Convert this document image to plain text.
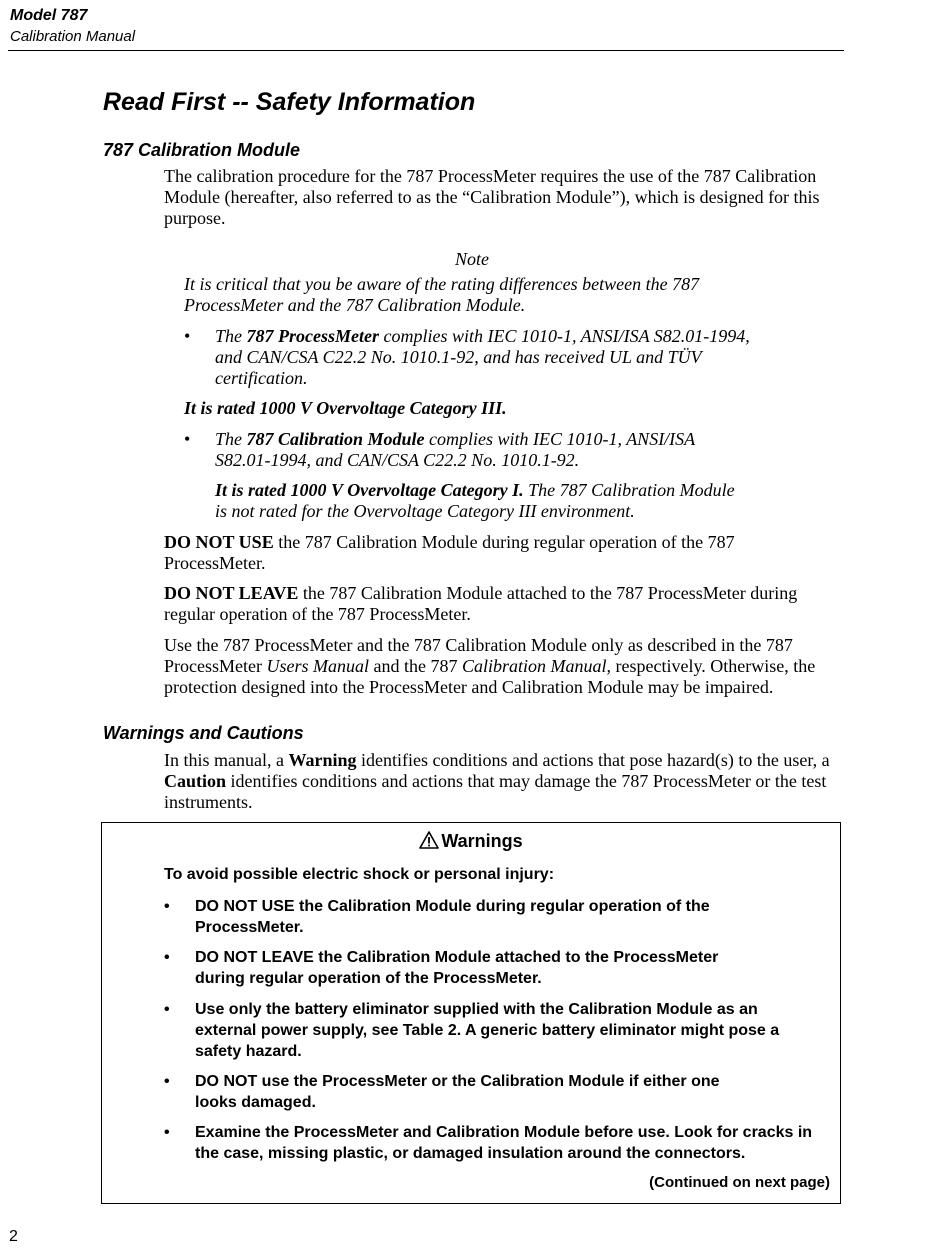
Model 787
Calibration Manual
Read First -- Safety Information
787 Calibration Module

The calibration procedure for the 787 ProcessMeter requires the use of the 787 Calibration Module (hereafter, also referred to as the “Calibration Module”), which is designed for this purpose.

Note
It is critical that you be aware of the rating differences between the 787 ProcessMeter and the 787 Calibration Module.
• The 787 ProcessMeter complies with IEC 1010-1, ANSI/ISA S82.01-1994, and CAN/CSA C22.2 No. 1010.1-92, and has received UL and TÜV certification.
It is rated 1000 V Overvoltage Category III.
• The 787 Calibration Module complies with IEC 1010-1, ANSI/ISA S82.01-1994, and CAN/CSA C22.2 No. 1010.1-92.
It is rated 1000 V Overvoltage Category I. The 787 Calibration Module is not rated for the Overvoltage Category III environment.

DO NOT USE the 787 Calibration Module during regular operation of the 787 ProcessMeter.

DO NOT LEAVE the 787 Calibration Module attached to the 787 ProcessMeter during regular operation of the 787 ProcessMeter.

Use the 787 ProcessMeter and the 787 Calibration Module only as described in the 787 ProcessMeter Users Manual and the 787 Calibration Manual, respectively. Otherwise, the protection designed into the ProcessMeter and Calibration Module may be impaired.

Warnings and Cautions

In this manual, a Warning identifies conditions and actions that pose hazard(s) to the user, a Caution identifies conditions and actions that may damage the 787 ProcessMeter or the test instruments.

Warnings
To avoid possible electric shock or personal injury:
• DO NOT USE the Calibration Module during regular operation of the ProcessMeter.
• DO NOT LEAVE the Calibration Module attached to the ProcessMeter during regular operation of the ProcessMeter.
• Use only the battery eliminator supplied with the Calibration Module as an external power supply, see Table 2. A generic battery eliminator might pose a safety hazard.
• DO NOT use the ProcessMeter or the Calibration Module if either one looks damaged.
• Examine the ProcessMeter and Calibration Module before use. Look for cracks in the case, missing plastic, or damaged insulation around the connectors.
(Continued on next page)
2
